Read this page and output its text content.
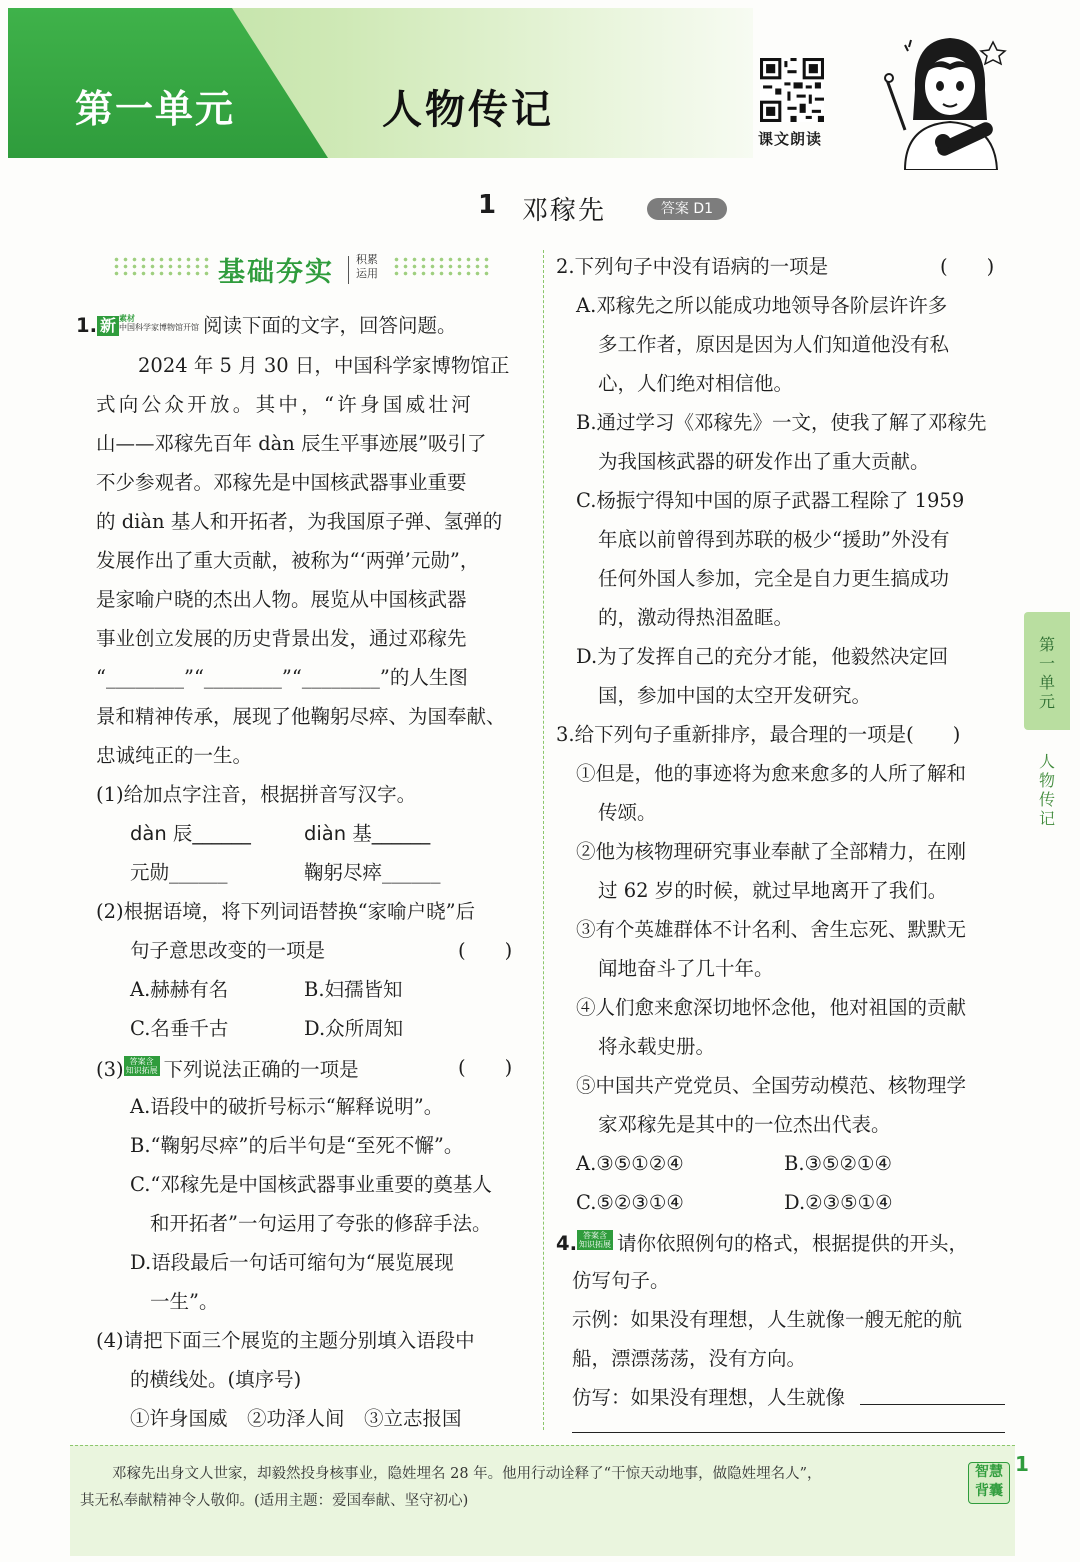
第一单元	人物传记
课文朗读
1 邓稼先	答案 D1
基础夯实 积累运用
1. 新 素材
中国科学家博物馆开馆 阅读下面的文字，回答问题。
2024 年 5 月 30 日，中国科学家博物馆正
式向公众开放。其中，“许身国威壮河
山——邓稼先百年 dàn 辰生平事迹展”吸引了
不少参观者。邓稼先是中国核武器事业重要
的 diàn 基人和开拓者，为我国原子弹、氢弹的
发展作出了重大贡献，被称为“‘两弹’元勋”，
是家喻户晓的杰出人物。展览从中国核武器
事业创立发展的历史背景出发，通过邓稼先
“________”“________”“________”的人生图
景和精神传承，展现了他鞠躬尽瘁、为国奉献、
忠诚纯正的一生。
(1)给加点字注音，根据拼音写汉字。
dàn 辰______	diàn 基______
元勋______	鞠躬尽瘁______
(2)根据语境，将下列词语替换“家喻户晓”后
句子意思改变的一项是	(　　)
A.赫赫有名	B.妇孺皆知
C.名垂千古	D.众所周知
(3) 答案含
知识拓展 下列说法正确的一项是	(　　)
A.语段中的破折号标示“解释说明”。
B.“鞠躬尽瘁”的后半句是“至死不懈”。
C.“邓稼先是中国核武器事业重要的奠基人
和开拓者”一句运用了夸张的修辞手法。
D.语段最后一句话可缩句为“展览展现
一生”。
(4)请把下面三个展览的主题分别填入语段中
的横线处。(填序号)
①许身国威　②功泽人间　③立志报国
2.下列句子中没有语病的一项是	(　　)
A.邓稼先之所以能成功地领导各阶层许许多
多工作者，原因是因为人们知道他没有私
心，人们绝对相信他。
B.通过学习《邓稼先》一文，使我了解了邓稼先
为我国核武器的研发作出了重大贡献。
C.杨振宁得知中国的原子武器工程除了 1959
年底以前曾得到苏联的极少“援助”外没有
任何外国人参加，完全是自力更生搞成功
的，激动得热泪盈眶。
D.为了发挥自己的充分才能，他毅然决定回
国，参加中国的太空开发研究。
3.给下列句子重新排序，最合理的一项是(　　)
①但是，他的事迹将为愈来愈多的人所了解和
传颂。
②他为核物理研究事业奉献了全部精力，在刚
过 62 岁的时候，就过早地离开了我们。
③有个英雄群体不计名利、舍生忘死、默默无
闻地奋斗了几十年。
④人们愈来愈深切地怀念他，他对祖国的贡献
将永载史册。
⑤中国共产党党员、全国劳动模范、核物理学
家邓稼先是其中的一位杰出代表。
A.③⑤①②④	B.③⑤②①④
C.⑤②③①④	D.②③⑤①④
4. 答案含
知识拓展 请你依照例句的格式，根据提供的开头，
仿写句子。
示例：如果没有理想，人生就像一艘无舵的航
船，漂漂荡荡，没有方向。
仿写：如果没有理想，人生就像
第一单元
人物传记
邓稼先出身文人世家，却毅然投身核事业，隐姓埋名 28 年。他用行动诠释了“干惊天动地事，做隐姓埋名人”，
其无私奉献精神令人敬仰。(适用主题：爱国奉献、坚守初心)
智慧背囊
1
